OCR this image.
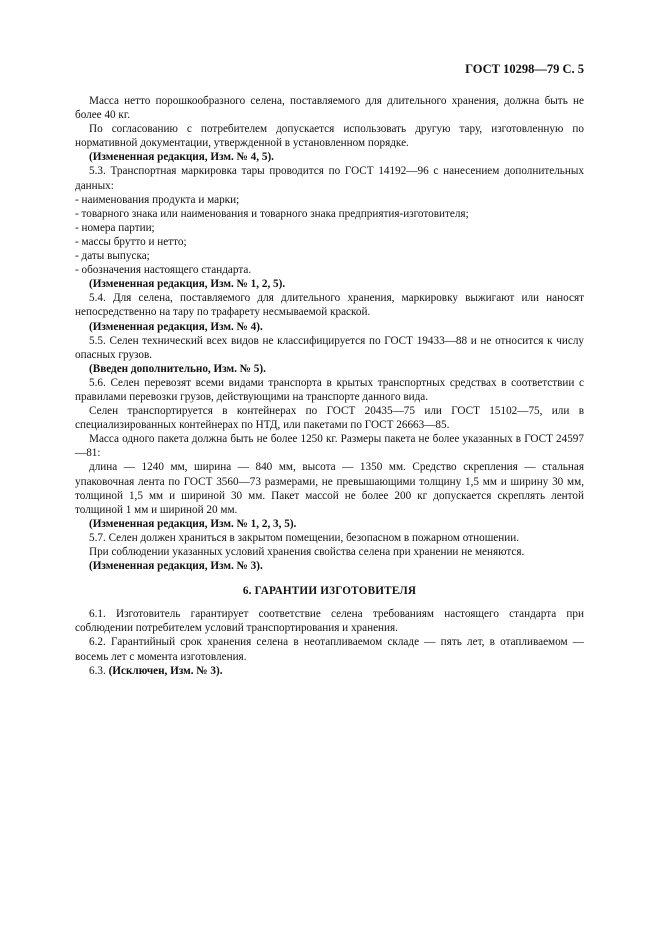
ГОСТ 10298—79 С. 5

Масса нетто порошкообразного селена, поставляемого для длительного хранения, должна быть не более 40 кг.

По согласованию с потребителем допускается использовать другую тару, изготовленную по нормативной документации, утвержденной в установленном порядке.

(Измененная редакция, Изм. № 4, 5).

5.3. Транспортная маркировка тары проводится по ГОСТ 14192—96 с нанесением дополнительных данных:

- наименования продукта и марки;

- товарного знака или наименования и товарного знака предприятия-изготовителя;

- номера партии;

- массы брутто и нетто;

- даты выпуска;

- обозначения настоящего стандарта.

(Измененная редакция, Изм. № 1, 2, 5).

5.4. Для селена, поставляемого для длительного хранения, маркировку выжигают или наносят непосредственно на тару по трафарету несмываемой краской.

(Измененная редакция, Изм. № 4).

5.5. Селен технический всех видов не классифицируется по ГОСТ 19433—88 и не относится к числу опасных грузов.

(Введен дополнительно, Изм. № 5).

5.6. Селен перевозят всеми видами транспорта в крытых транспортных средствах в соответствии с правилами перевозки грузов, действующими на транспорте данного вида.

Селен транспортируется в контейнерах по ГОСТ 20435—75 или ГОСТ 15102—75, или в специализированных контейнерах по НТД, или пакетами по ГОСТ 26663—85.

Масса одного пакета должна быть не более 1250 кг. Размеры пакета не более указанных в ГОСТ 24597—81:

длина — 1240 мм, ширина — 840 мм, высота — 1350 мм. Средство скрепления — стальная упаковочная лента по ГОСТ 3560—73 размерами, не превышающими толщину 1,5 мм и ширину 30 мм, толщиной 1,5 мм и шириной 30 мм. Пакет массой не более 200 кг допускается скреплять лентой толщиной 1 мм и шириной 20 мм.

(Измененная редакция, Изм. № 1, 2, 3, 5).

5.7. Селен должен храниться в закрытом помещении, безопасном в пожарном отношении.

При соблюдении указанных условий хранения свойства селена при хранении не меняются.

(Измененная редакция, Изм. № 3).

6. ГАРАНТИИ ИЗГОТОВИТЕЛЯ

6.1. Изготовитель гарантирует соответствие селена требованиям настоящего стандарта при соблюдении потребителем условий транспортирования и хранения.

6.2. Гарантийный срок хранения селена в неотапливаемом складе — пять лет, в отапливаемом — восемь лет с момента изготовления.

6.3. (Исключен, Изм. № 3).
